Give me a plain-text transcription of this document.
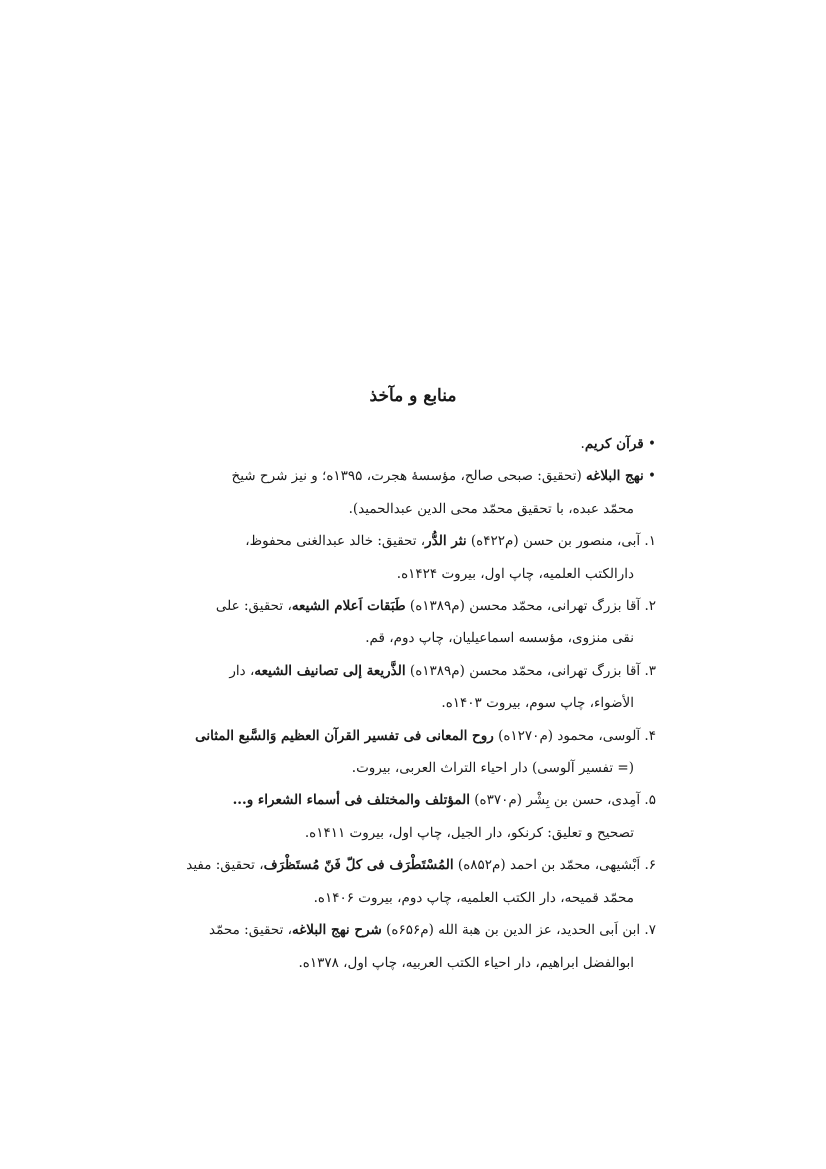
منابع و مآخذ
• قرآن کریم.
• نهج البلاغه (تحقیق: صبحی صالح، مؤسسهٔ هجرت، ۱۳۹۵ه؛ و نیز شرح شیخ
محمّد عبده، با تحقیق محمّد محی الدین عبدالحمید).
۱. آبی، منصور بن حسن (م۴۲۲ه) نثر الدُّر، تحقیق: خالد عبدالغنی محفوظ،
دارالکتب العلمیه، چاپ اول، بیروت ۱۴۲۴ه.
۲. آقا بزرگ تهرانی، محمّد محسن (م۱۳۸۹ه) طَبَقات اَعلام الشیعه، تحقیق: علی
نقی منزوی، مؤسسه اسماعیلیان، چاپ دوم، قم.
۳. آقا بزرگ تهرانی، محمّد محسن (م۱۳۸۹ه) الذَّریعة إلی تصانیف الشیعه، دار
الأضواء، چاپ سوم، بیروت ۱۴۰۳ه.
۴. آلوسی، محمود (م۱۲۷۰ه) روح المعانی فی تفسیر القرآن العظیم وَالسَّبع المثانی
(= تفسیر آلوسی) دار احیاء التراث العربی، بیروت.
۵. آمِدی، حسن بن بِشْر (م۳۷۰ه) المؤتلف والمختلف فی أسماء الشعراء و...
تصحیح و تعلیق: کرنکو، دار الجیل، چاپ اول، بیروت ۱۴۱۱ه.
۶. اَبْشیهی، محمّد بن احمد (م۸۵۲ه) المُسْتَطْرَف فی کلّ فَنّ مُستَظْرَف، تحقیق: مفید
محمّد قمیحه، دار الکتب العلمیه، چاپ دوم، بیروت ۱۴۰۶ه.
۷. ابن اَبی الحدید، عز الدین بن هبة الله (م۶۵۶ه) شرح نهج البلاغه، تحقیق: محمّد
ابوالفضل ابراهیم، دار احیاء الکتب العربیه، چاپ اول، ۱۳۷۸ه.
